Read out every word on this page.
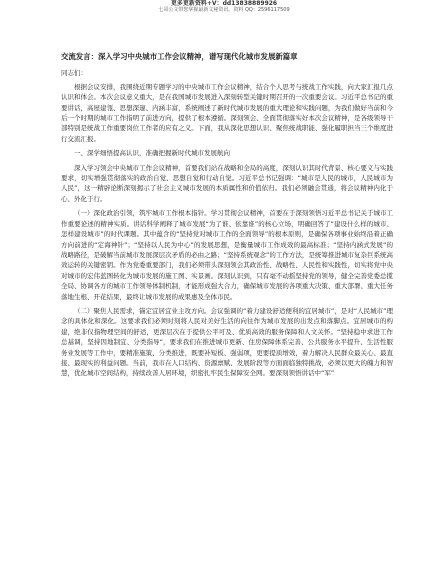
更多更新资料+V：dd13838889926
七哥公文带您掌握最新文秘资讯、资料 QQ：2596117509
交流发言：深入学习中央城市工作会议精神，谱写现代化城市发展新篇章
同志们：

根据会议安排，我围绕近期专题学习的中央城市工作会议精神，结合个人思考与统战工作实践，向大家汇报几点认识和体会。本次会议意义重大，是在我国城市发展进入深刻转型关键时期召开的一次重要会议。习近平总书记的重要讲话，高屋建瓴、思想深邃、内涵丰富，系统阐述了新时代城市发展的重大理论和实践问题，为我们做好当前和今后一个时期的城市工作指明了前进方向，提供了根本遵循。深刻领会、全面贯彻落实好本次会议精神，是各级领导干部特别是统战工作重要岗位工作者的应有之义。下面，我从深化思想认识、聚焦统战职能、强化履职担当三个维度进行交流汇报。

一、深学细悟提高认识，准确把握新时代城市发展航向

深入学习领会中央城市工作会议精神，首要我们站在战略和全局的高度，深刻认识其时代背景、核心要义与实践要求，切实增强贯彻落实的政治自觉、思想自觉和行动自觉。习近平总书记强调：“城市是人民的城市，人民城市为人民”，这一精辟论断深刻揭示了社会主义城市发展的本质属性和价值依归。我们必须融会贯通，将会议精神内化于心、外化于行。

（一）深化政治引领，筑牢城市工作根本指针。学习贯彻会议精神，首要在于深刻领悟习近平总书记关于城市工作重要论述的精神实质。讲话科学阐释了城市发展“为了谁、依靠谁”的核心立场，明确回答了“建设什么样的城市、怎样建设城市”的时代课题。其中蕴含的“坚持党对城市工作的全面领导”的根本原则，是确保各项事业始终沿着正确方向前进的“定海神针”；“坚持以人民为中心”的发展思想，是衡量城市工作成效的最高标准；“坚持内涵式发展”的战略路径，是破解当前城市发展深层次矛盾的必由之路；“坚持系统观念”的工作方法，是统筹推进城市复杂巨系统高效运转的关键密钥。作为党委重要部门，我们必须带头深刻领会其政治性、战略性、人民性和实践性，切实将党中央对城市的宏伟蓝图转化为城市发展的施工图、实景画。深刻认识到，只有毫不动摇坚持党的领导，健全完善党委总揽全局、协调各方的城市工作领导体制机制，才能形成强大合力，确保城市发展的各项重大决策、重大部署、重大任务落地生根、开花结果，最终让城市发展的成果惠及全体市民。

（二）聚焦人民需求，锚定宜居宜业主攻方向。会议强调的“着力建设舒适便利的宜居城市”，是对“人民城市”理念的具体化和深化。这要求我们必须时刻将人民对美好生活的向往作为城市发展的出发点和落脚点。宜居城市的构建，绝非仅指物理空间的舒适，更深层次在于提供公平可及、优质高效的服务保障和人文关怀。“坚持稳中求进工作总基调，坚持因地制宜、分类指导”，要求我们在推进城市更新、住房保障体系完善、公共服务水平提升、生活性服务业发展等工作中，要精准施策、分类推进，既要补短板、强弱项，更要提质增效，着力解决人民群众最关心、最直接、最现实的利益问题。当前，我市在人口结构、资源禀赋、发展阶段等方面面临独特挑战，必须以更大的魄力和智慧，优化城市空间结构，持续改善人居环境，织密扎牢民生保障安全网。要深刻领悟讲话中“军”
